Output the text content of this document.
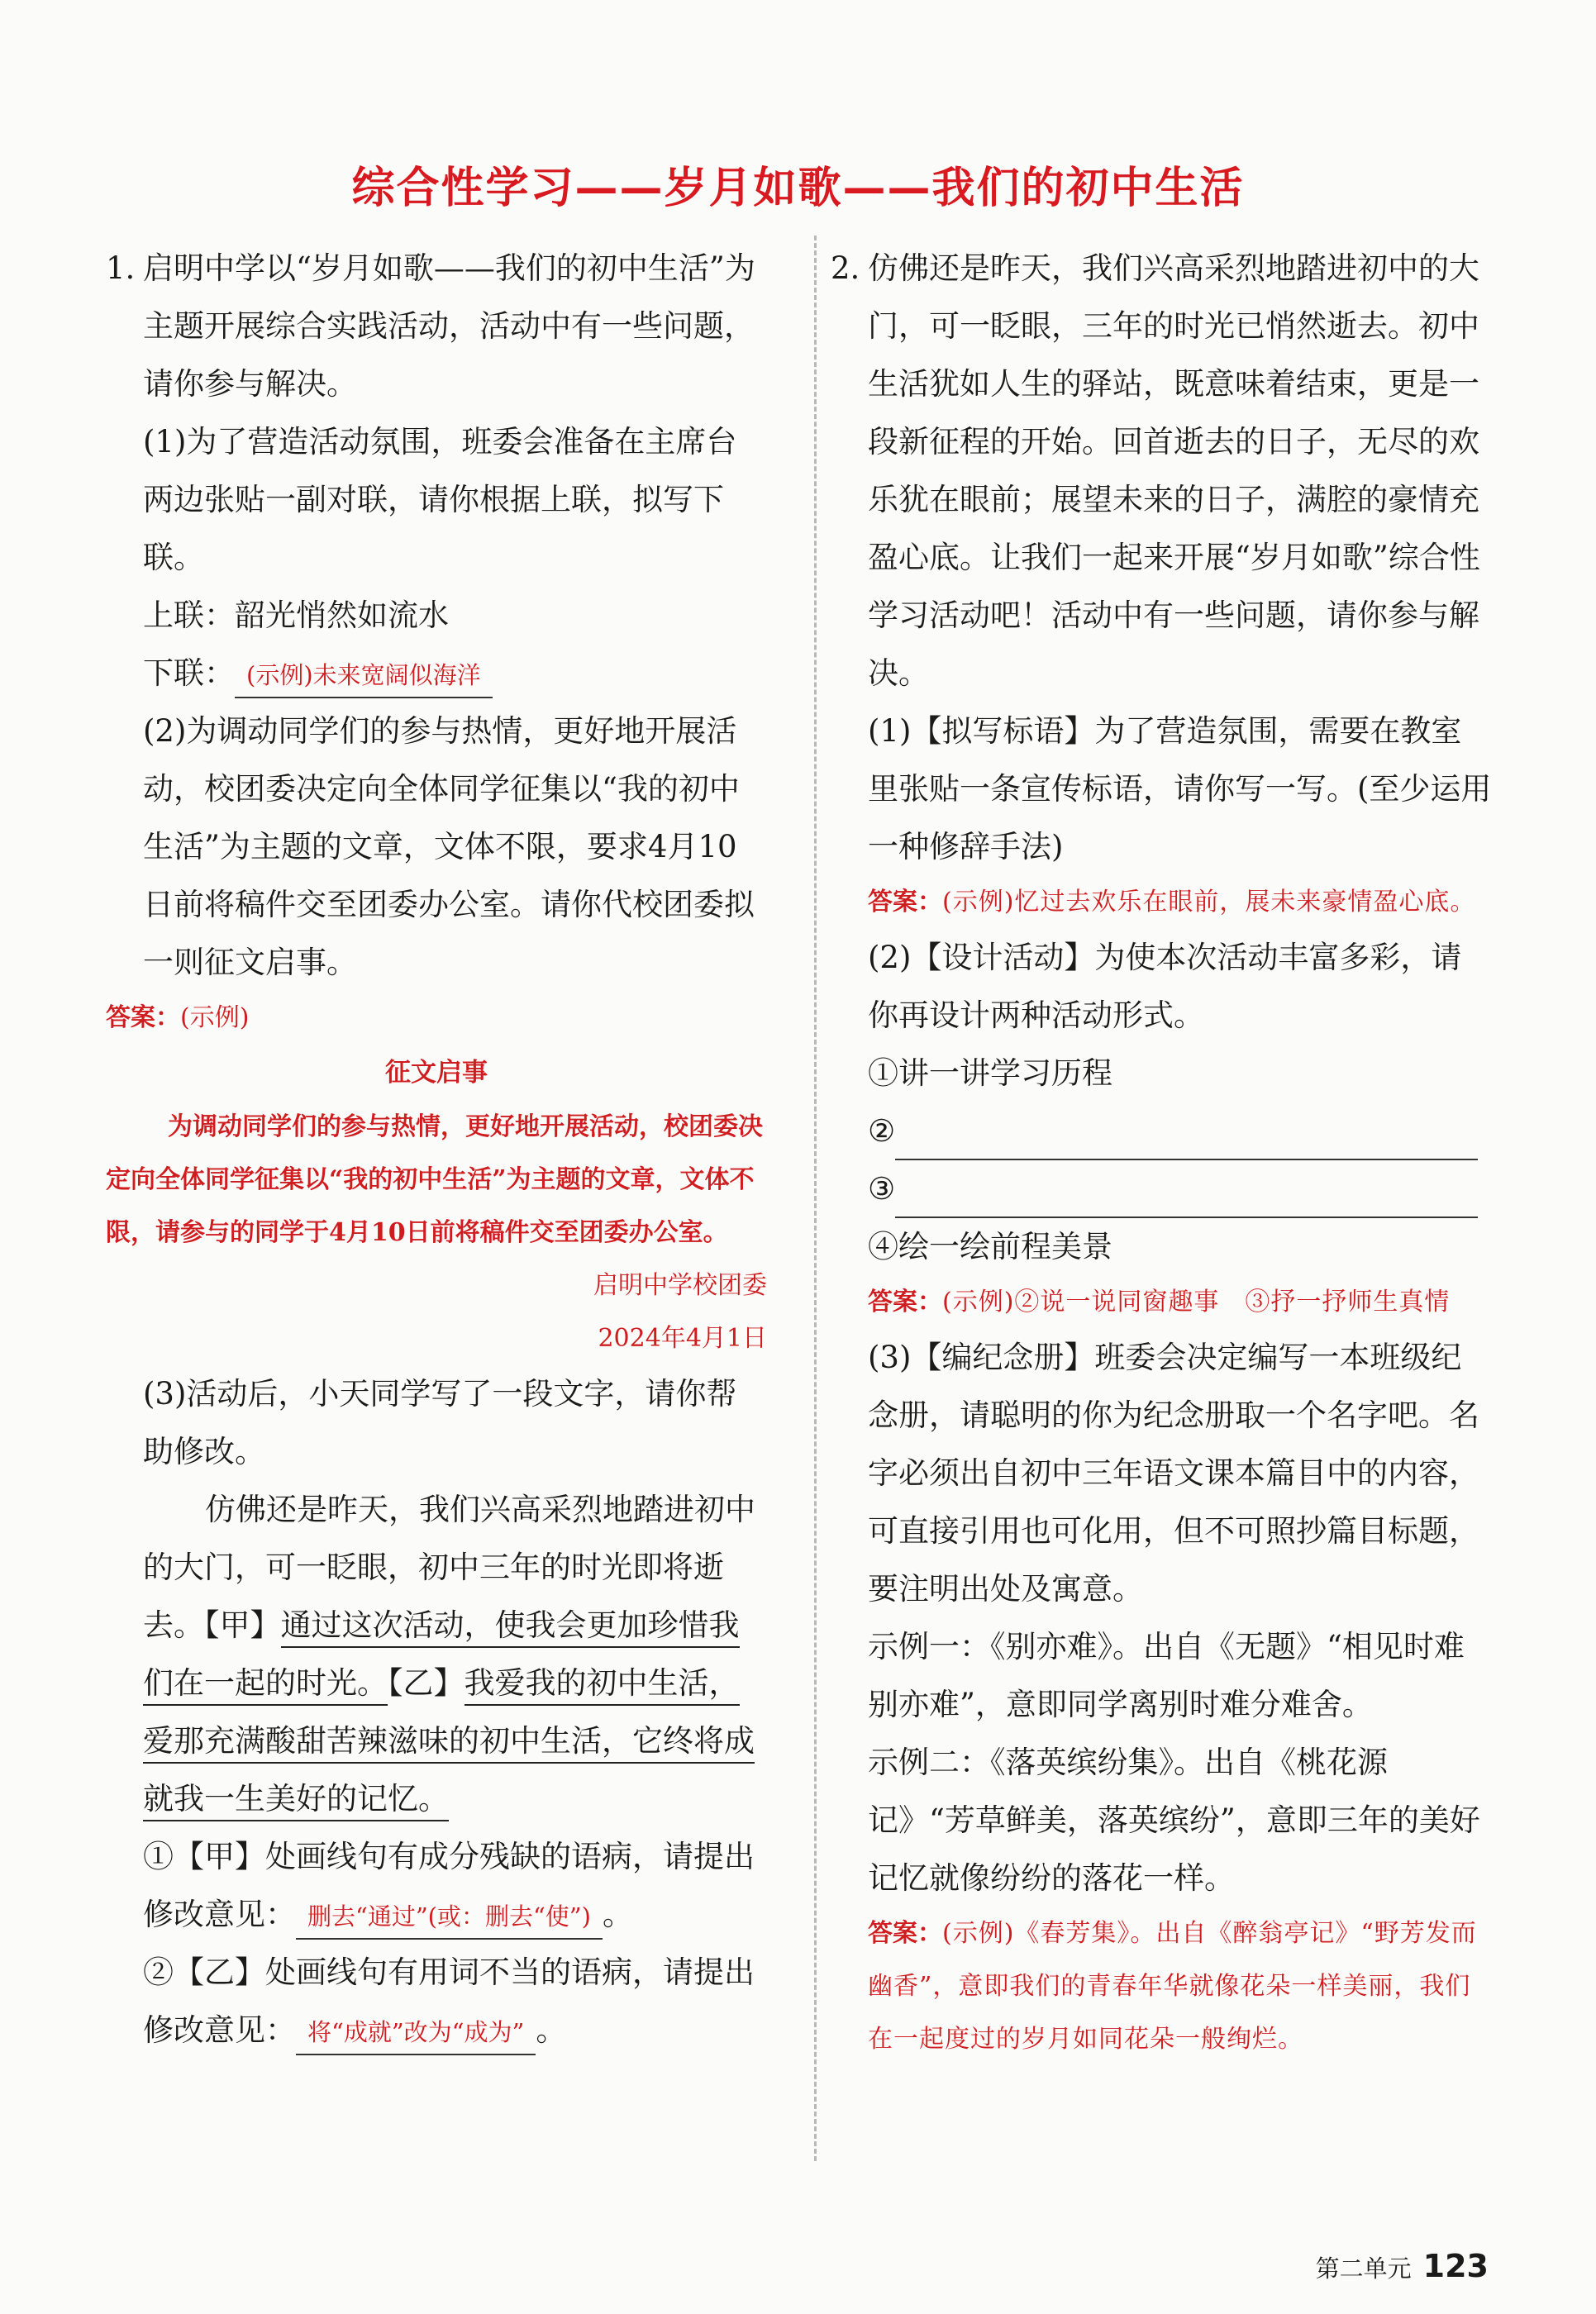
综合性学习——岁月如歌——我们的初中生活

1. 启明中学以“岁月如歌——我们的初中生活”为主题开展综合实践活动，活动中有一些问题，请你参与解决。

(1)为了营造活动氛围，班委会准备在主席台两边张贴一副对联，请你根据上联，拟写下联。

上联：韶光悄然如流水

下联： (示例)未来宽阔似海洋

(2)为调动同学们的参与热情，更好地开展活动，校团委决定向全体同学征集以“我的初中生活”为主题的文章，文体不限，要求4月10日前将稿件交至团委办公室。请你代校团委拟一则征文启事。

答案：(示例)

征文启事

为调动同学们的参与热情，更好地开展活动，校团委决定向全体同学征集以“我的初中生活”为主题的文章，文体不限，请参与的同学于4月10日前将稿件交至团委办公室。

启明中学校团委

2024年4月1日

(3)活动后，小天同学写了一段文字，请你帮助修改。

仿佛还是昨天，我们兴高采烈地踏进初中的大门，可一眨眼，初中三年的时光即将逝去。【甲】通过这次活动，使我会更加珍惜我们在一起的时光。【乙】我爱我的初中生活，爱那充满酸甜苦辣滋味的初中生活，它终将成就我一生美好的记忆。

①【甲】处画线句有成分残缺的语病，请提出修改意见： 删去“通过”(或：删去“使”) 。

②【乙】处画线句有用词不当的语病，请提出修改意见： 将“成就”改为“成为” 。

2. 仿佛还是昨天，我们兴高采烈地踏进初中的大门，可一眨眼，三年的时光已悄然逝去。初中生活犹如人生的驿站，既意味着结束，更是一段新征程的开始。回首逝去的日子，无尽的欢乐犹在眼前；展望未来的日子，满腔的豪情充盈心底。让我们一起来开展“岁月如歌”综合性学习活动吧！活动中有一些问题，请你参与解决。

(1)【拟写标语】为了营造氛围，需要在教室里张贴一条宣传标语，请你写一写。(至少运用一种修辞手法)

答案：(示例)忆过去欢乐在眼前，展未来豪情盈心底。

(2)【设计活动】为使本次活动丰富多彩，请你再设计两种活动形式。

①讲一讲学习历程

②

③

④绘一绘前程美景

答案：(示例)②说一说同窗趣事　③抒一抒师生真情

(3)【编纪念册】班委会决定编写一本班级纪念册，请聪明的你为纪念册取一个名字吧。名字必须出自初中三年语文课本篇目中的内容，可直接引用也可化用，但不可照抄篇目标题，要注明出处及寓意。

示例一：《别亦难》。出自《无题》“相见时难别亦难”，意即同学离别时难分难舍。

示例二：《落英缤纷集》。出自《桃花源记》“芳草鲜美，落英缤纷”，意即三年的美好记忆就像纷纷的落花一样。

答案：(示例)《春芳集》。出自《醉翁亭记》“野芳发而幽香”，意即我们的青春年华就像花朵一样美丽，我们在一起度过的岁月如同花朵一般绚烂。

第二单元 123
